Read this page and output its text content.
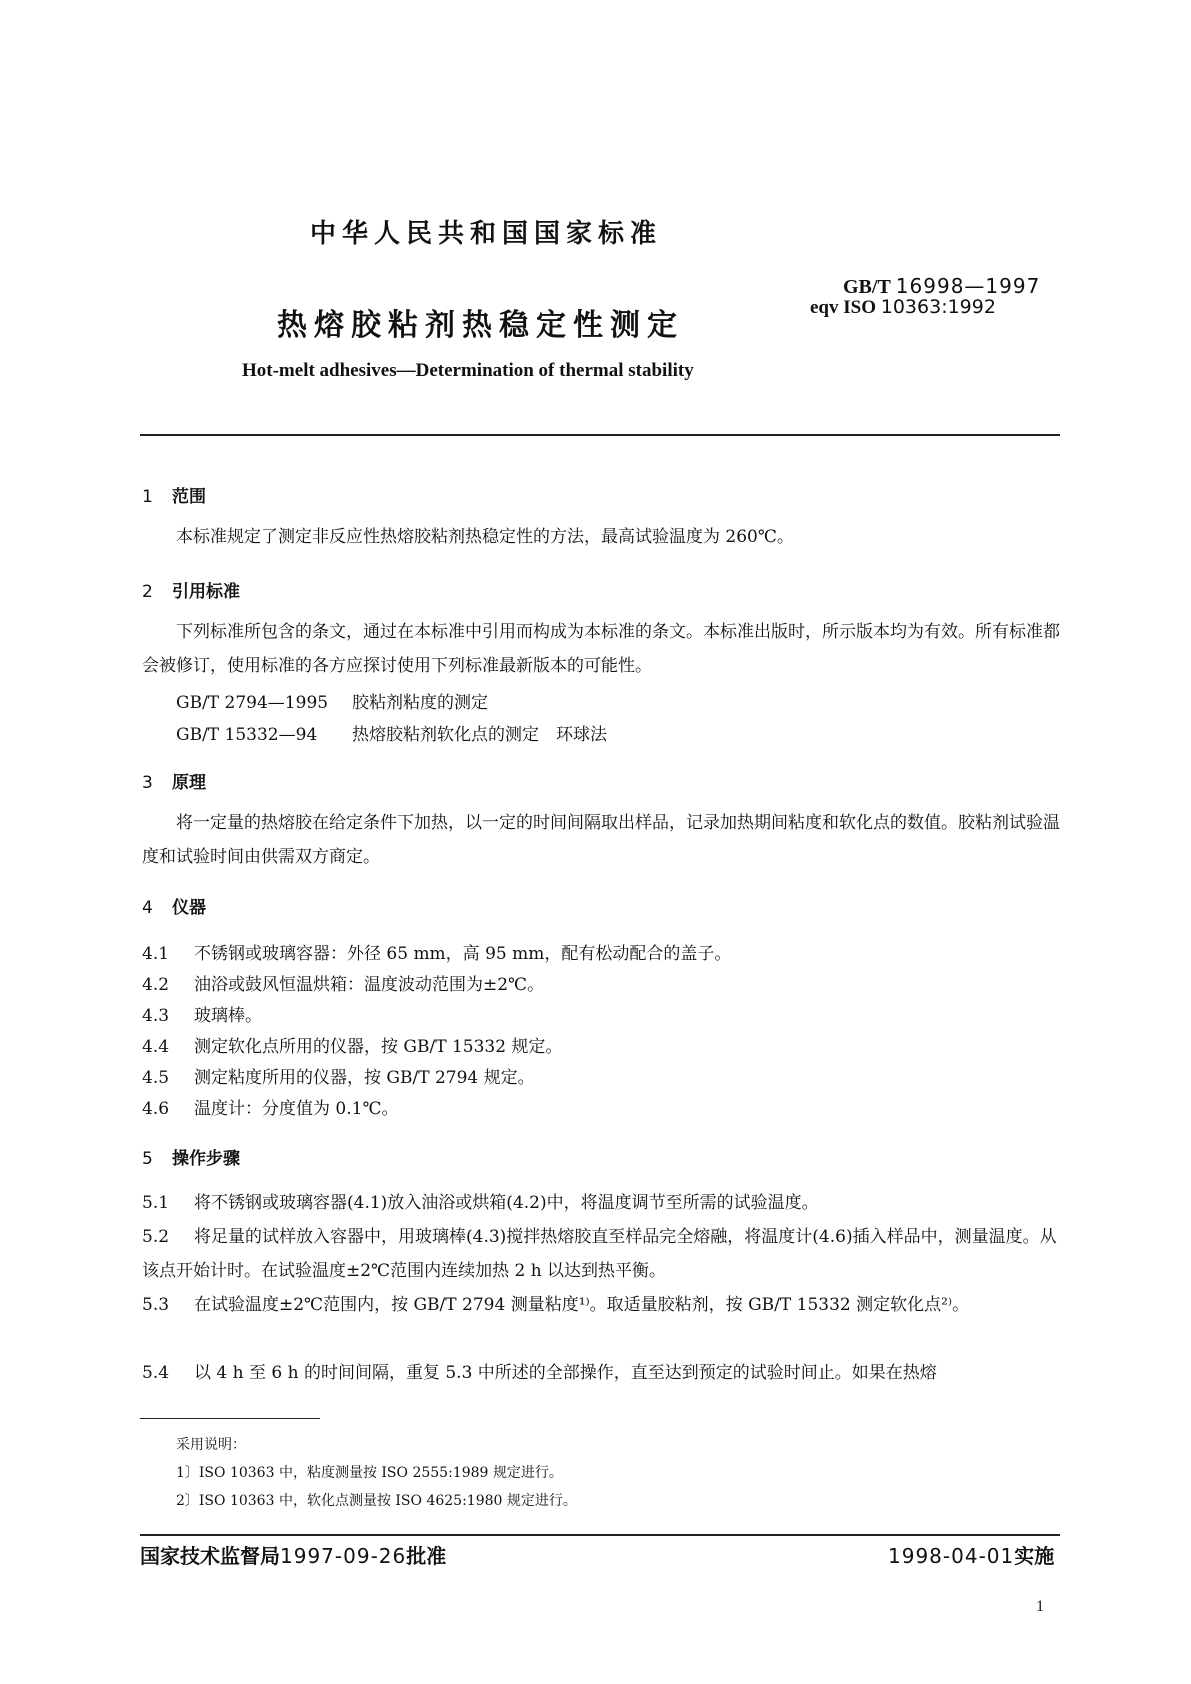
中华人民共和国国家标准
热熔胶粘剂热稳定性测定
GB/T 16998—1997
eqv ISO 10363:1992
Hot-melt adhesives—Determination of thermal stability
1 范围
本标准规定了测定非反应性热熔胶粘剂热稳定性的方法，最高试验温度为 260℃。
2 引用标准
下列标准所包含的条文，通过在本标准中引用而构成为本标准的条文。本标准出版时，所示版本均为有效。所有标准都会被修订，使用标准的各方应探讨使用下列标准最新版本的可能性。
GB/T 2794—1995 胶粘剂粘度的测定
GB/T 15332—94 热熔胶粘剂软化点的测定　环球法
3 原理
将一定量的热熔胶在给定条件下加热，以一定的时间间隔取出样品，记录加热期间粘度和软化点的数值。胶粘剂试验温度和试验时间由供需双方商定。
4 仪器
4.1 不锈钢或玻璃容器：外径 65 mm，高 95 mm，配有松动配合的盖子。
4.2 油浴或鼓风恒温烘箱：温度波动范围为±2℃。
4.3 玻璃棒。
4.4 测定软化点所用的仪器，按 GB/T 15332 规定。
4.5 测定粘度所用的仪器，按 GB/T 2794 规定。
4.6 温度计：分度值为 0.1℃。
5 操作步骤
5.1 将不锈钢或玻璃容器(4.1)放入油浴或烘箱(4.2)中，将温度调节至所需的试验温度。
5.2 将足量的试样放入容器中，用玻璃棒(4.3)搅拌热熔胶直至样品完全熔融，将温度计(4.6)插入样品中，测量温度。从该点开始计时。在试验温度±2℃范围内连续加热 2 h 以达到热平衡。
5.3 在试验温度±2℃范围内，按 GB/T 2794 测量粘度¹⁾。取适量胶粘剂，按 GB/T 15332 测定软化点²⁾。
5.4 以 4 h 至 6 h 的时间间隔，重复 5.3 中所述的全部操作，直至达到预定的试验时间止。如果在热熔
采用说明：
1〕ISO 10363 中，粘度测量按 ISO 2555:1989 规定进行。
2〕ISO 10363 中，软化点测量按 ISO 4625:1980 规定进行。
国家技术监督局1997-09-26批准	1998-04-01实施
1
